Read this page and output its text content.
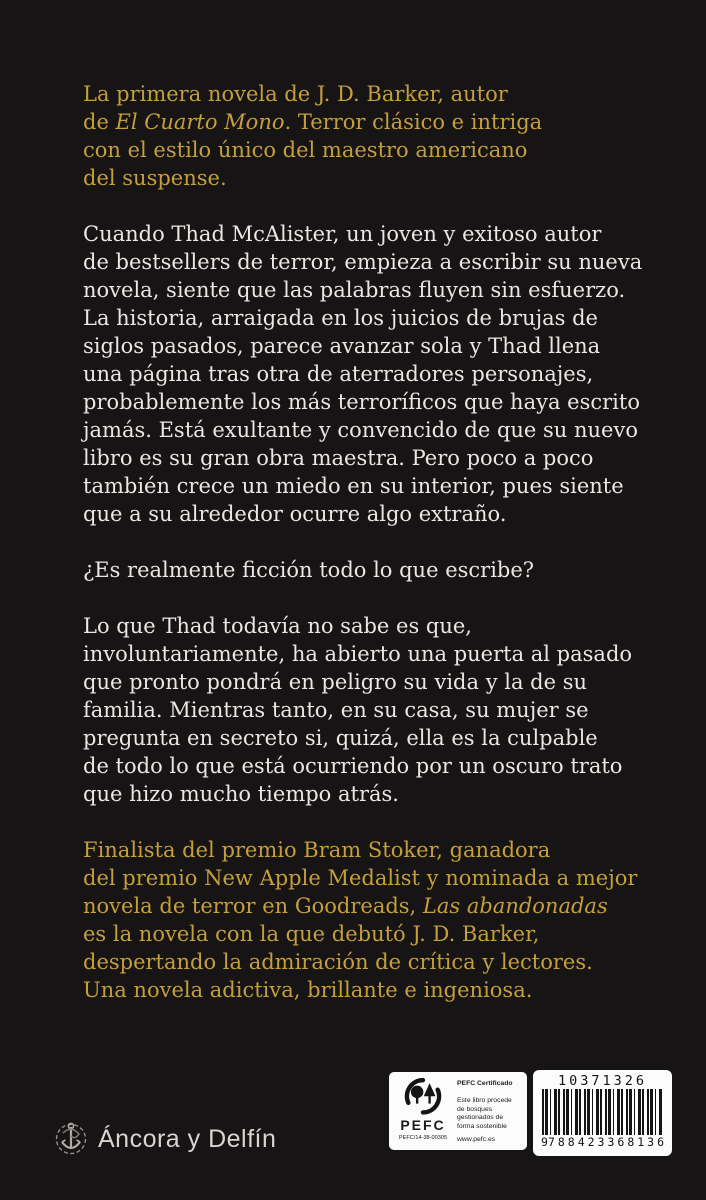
La primera novela de J. D. Barker, autor
de El Cuarto Mono. Terror clásico e intriga
con el estilo único del maestro americano
del suspense.

Cuando Thad McAlister, un joven y exitoso autor
de bestsellers de terror, empieza a escribir su nueva
novela, siente que las palabras fluyen sin esfuerzo.
La historia, arraigada en los juicios de brujas de
siglos pasados, parece avanzar sola y Thad llena
una página tras otra de aterradores personajes,
probablemente los más terroríficos que haya escrito
jamás. Está exultante y convencido de que su nuevo
libro es su gran obra maestra. Pero poco a poco
también crece un miedo en su interior, pues siente
que a su alrededor ocurre algo extraño.

¿Es realmente ficción todo lo que escribe?

Lo que Thad todavía no sabe es que,
involuntariamente, ha abierto una puerta al pasado
que pronto pondrá en peligro su vida y la de su
familia. Mientras tanto, en su casa, su mujer se
pregunta en secreto si, quizá, ella es la culpable
de todo lo que está ocurriendo por un oscuro trato
que hizo mucho tiempo atrás.

Finalista del premio Bram Stoker, ganadora
del premio New Apple Medalist y nominada a mejor
novela de terror en Goodreads, Las abandonadas
es la novela con la que debutó J. D. Barker,
despertando la admiración de crítica y lectores.
Una novela adictiva, brillante e ingeniosa.

Áncora y Delfín	PEFC
PEFC/14-38-00305
PEFC Certificado
Este libro procede de bosques gestionados de forma sostenible
www.pefc.es
10371326
9 788423 368136
